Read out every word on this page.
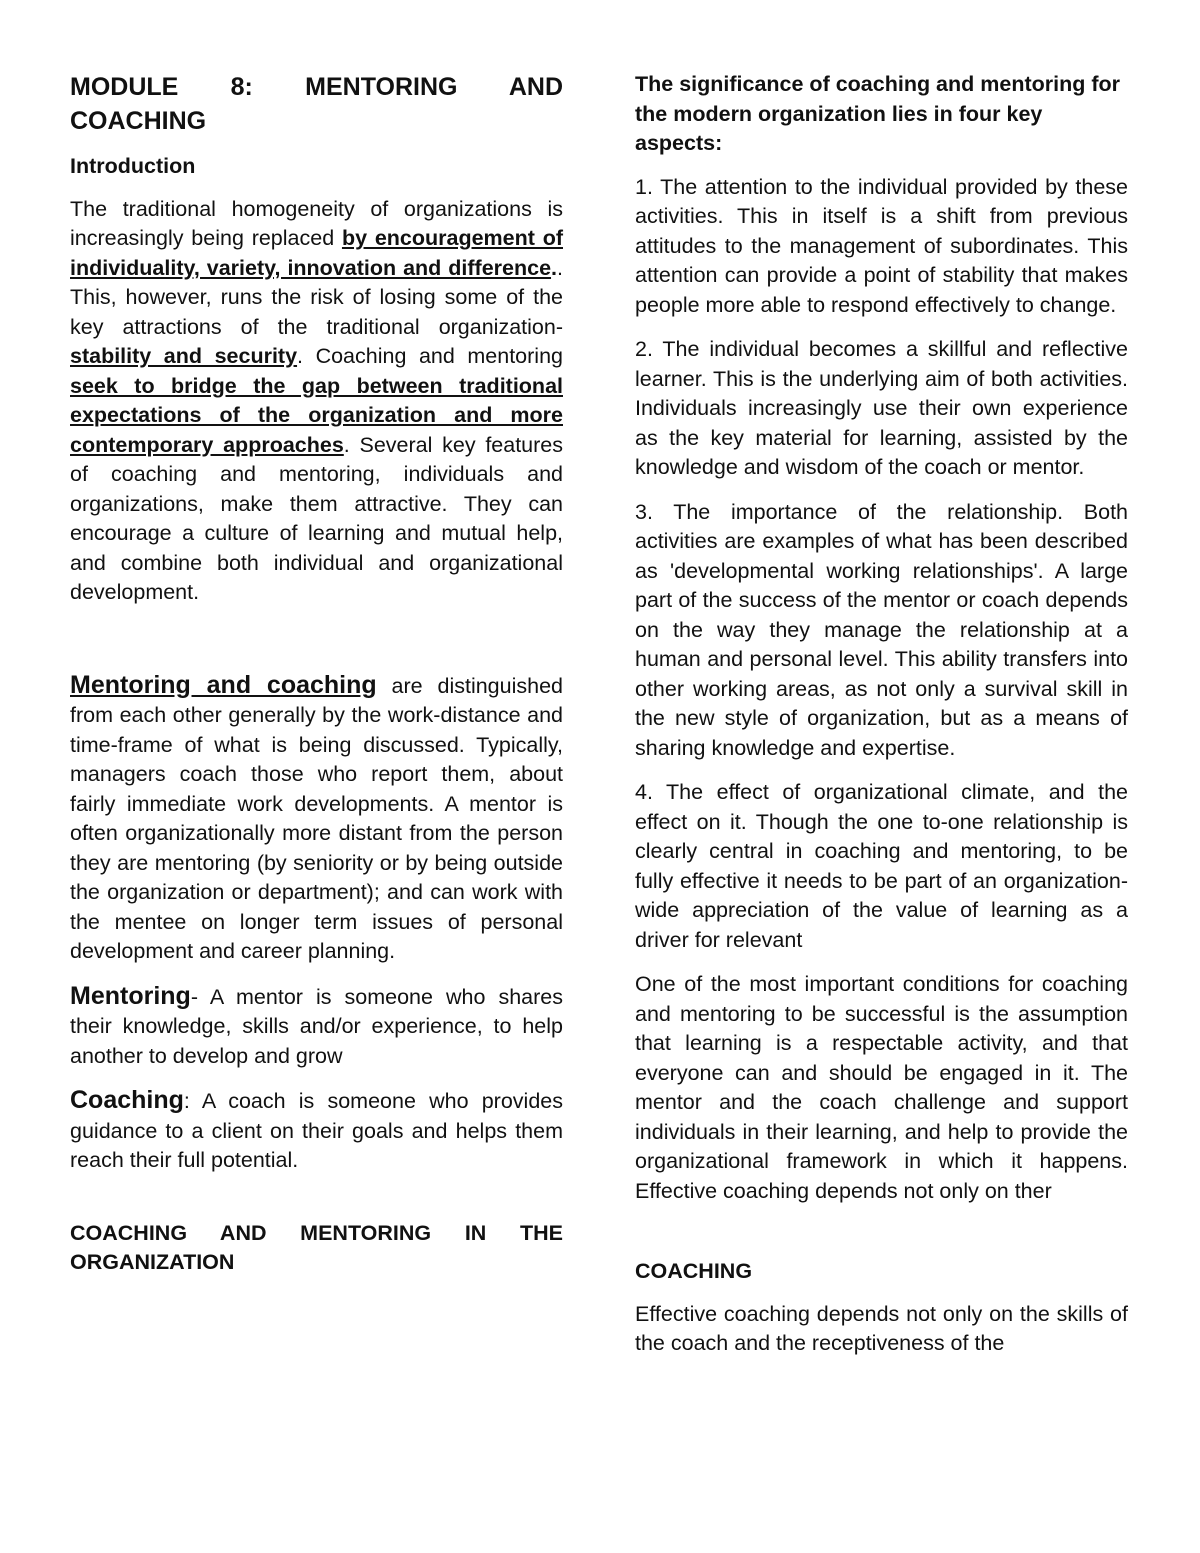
MODULE 8: MENTORING AND COACHING

Introduction

The traditional homogeneity of organizations is increasingly being replaced by encouragement of individuality, variety, innovation and difference.. This, however, runs the risk of losing some of the key attractions of the traditional organization- stability and security. Coaching and mentoring seek to bridge the gap between traditional expectations of the organization and more contemporary approaches. Several key features of coaching and mentoring, individuals and organizations, make them attractive. They can encourage a culture of learning and mutual help, and combine both individual and organizational development.

Mentoring and coaching are distinguished from each other generally by the work-distance and time-frame of what is being discussed. Typically, managers coach those who report them, about fairly immediate work developments. A mentor is often organizationally more distant from the person they are mentoring (by seniority or by being outside the organization or department); and can work with the mentee on longer term issues of personal development and career planning.

Mentoring- A mentor is someone who shares their knowledge, skills and/or experience, to help another to develop and grow

Coaching: A coach is someone who provides guidance to a client on their goals and helps them reach their full potential.

COACHING AND MENTORING IN THE ORGANIZATION

The significance of coaching and mentoring for the modern organization lies in four key aspects:

1. The attention to the individual provided by these activities. This in itself is a shift from previous attitudes to the management of subordinates. This attention can provide a point of stability that makes people more able to respond effectively to change.

2. The individual becomes a skillful and reflective learner. This is the underlying aim of both activities. Individuals increasingly use their own experience as the key material for learning, assisted by the knowledge and wisdom of the coach or mentor.

3. The importance of the relationship. Both activities are examples of what has been described as 'developmental working relationships'. A large part of the success of the mentor or coach depends on the way they manage the relationship at a human and personal level. This ability transfers into other working areas, as not only a survival skill in the new style of organization, but as a means of sharing knowledge and expertise.

4. The effect of organizational climate, and the effect on it. Though the one to-one relationship is clearly central in coaching and mentoring, to be fully effective it needs to be part of an organization-wide appreciation of the value of learning as a driver for relevant

One of the most important conditions for coaching and mentoring to be successful is the assumption that learning is a respectable activity, and that everyone can and should be engaged in it. The mentor and the coach challenge and support individuals in their learning, and help to provide the organizational framework in which it happens. Effective coaching depends not only on ther

COACHING

Effective coaching depends not only on the skills of the coach and the receptiveness of the
